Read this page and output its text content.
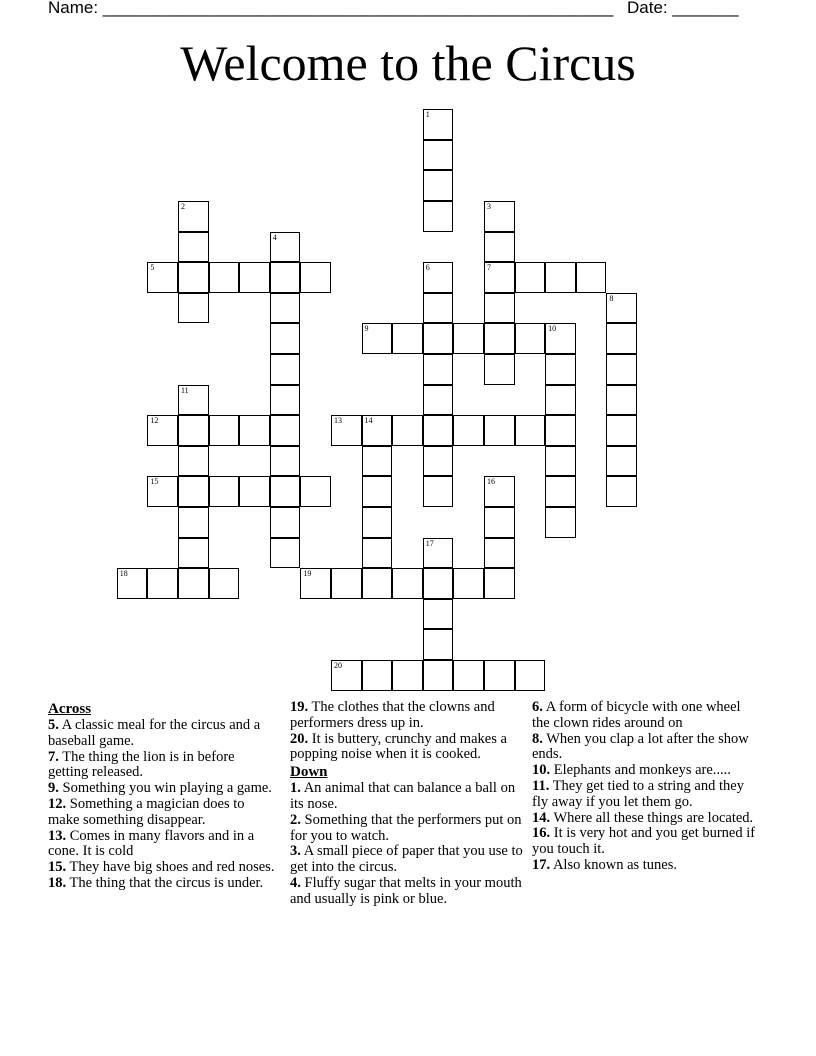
Name: ______________________________________________________ Date: _______
Welcome to the Circus
1
2	3
7
4
5	6
8
9	10
11
12	13	14
15	16
17
18	19
20
Across
5. A classic meal for the circus and a baseball game.
7. The thing the lion is in before getting released.
9. Something you win playing a game.
12. Something a magician does to make something disappear.
13. Comes in many flavors and in a cone. It is cold
15. They have big shoes and red noses.
18. The thing that the circus is under.
19. The clothes that the clowns and performers dress up in.
20. It is buttery, crunchy and makes a popping noise when it is cooked.
Down
1. An animal that can balance a ball on its nose.
2. Something that the performers put on for you to watch.
3. A small piece of paper that you use to get into the circus.
4. Fluffy sugar that melts in your mouth and usually is pink or blue.
6. A form of bicycle with one wheel the clown rides around on
8. When you clap a lot after the show ends.
10. Elephants and monkeys are.....
11. They get tied to a string and they fly away if you let them go.
14. Where all these things are located.
16. It is very hot and you get burned if you touch it.
17. Also known as tunes.
